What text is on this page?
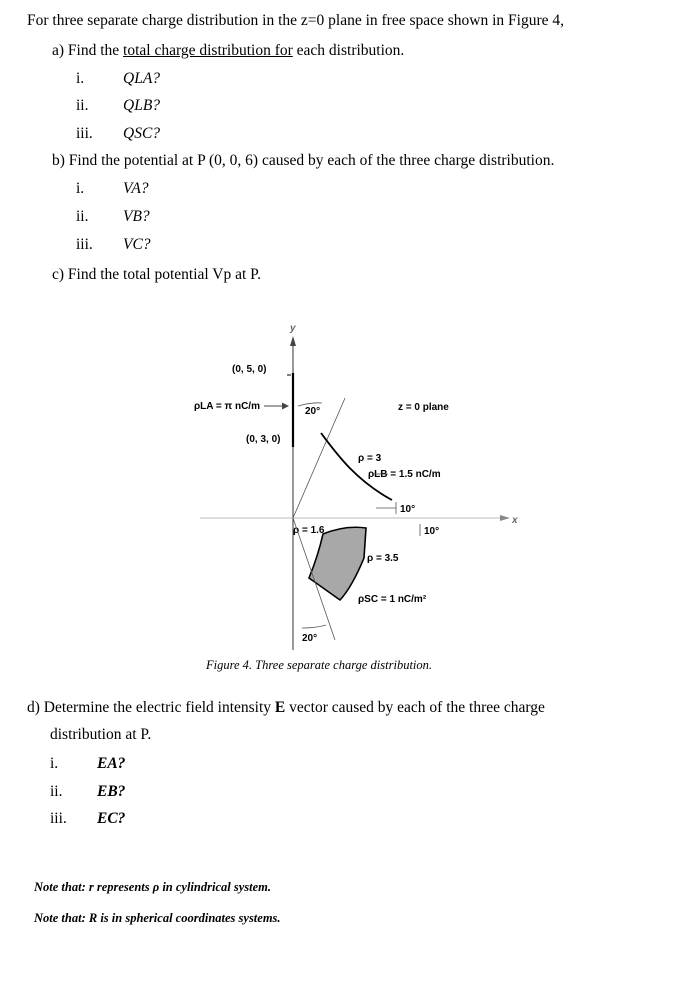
For three separate charge distribution in the z=0 plane in free space shown in Figure 4,
a) Find the total charge distribution for each distribution.
i.	QLA?
ii. QLB?
iii. QSC?
b) Find the potential at P (0, 0, 6) caused by each of the three charge distribution.
i.	VA?
ii. VB?
iii. VC?
c) Find the total potential Vp at P.
y
x
(0, 5, 0)
(0, 3, 0)
ρLA = π nC/m	20°	z = 0 plane
ρ = 3
ρLB = 1.5 nC/m
10°
10°
ρ = 1.6
ρ = 3.5
ρSC = 1 nC/m²
20°
Figure 4. Three separate charge distribution.
d) Determine the electric field intensity E vector caused by each of the three charge
distribution at P.
i.	EA?
ii. EB?
iii. EC?
Note that: r represents ρ in cylindrical system.
Note that: R is in spherical coordinates systems.
